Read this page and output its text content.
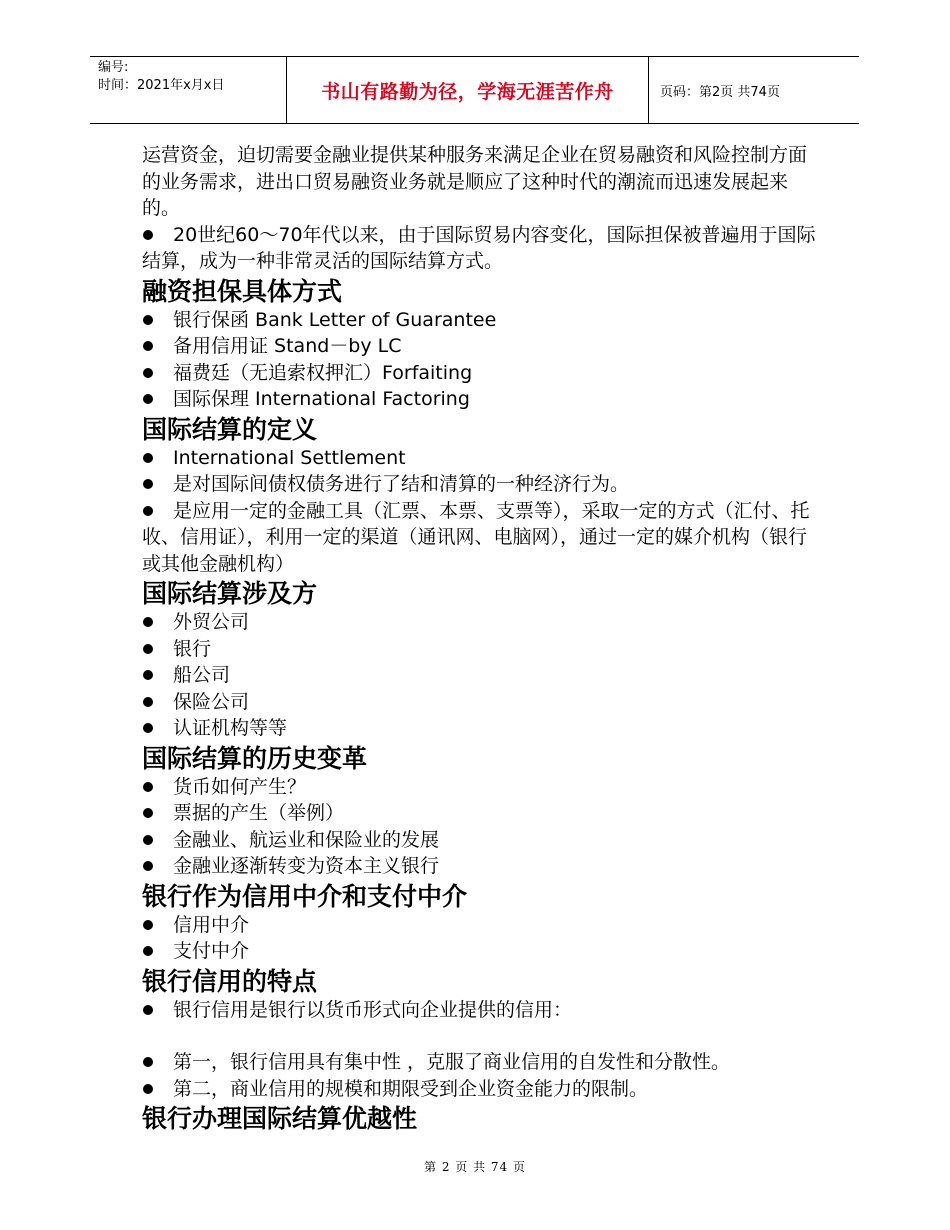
编号:
时间：2021年x月x日	书山有路勤为径，学海无涯苦作舟	页码：第2页 共74页

运营资金，迫切需要金融业提供某种服务来满足企业在贸易融资和风险控制方面的业务需求，进出口贸易融资业务就是顺应了这种时代的潮流而迅速发展起来的。

20世纪60～70年代以来，由于国际贸易内容变化，国际担保被普遍用于国际结算，成为一种非常灵活的国际结算方式。

融资担保具体方式

银行保函 Bank Letter of Guarantee

备用信用证 Stand－by LC

福费廷（无追索权押汇）Forfaiting

国际保理 International Factoring

国际结算的定义

International Settlement

是对国际间债权债务进行了结和清算的一种经济行为。

是应用一定的金融工具（汇票、本票、支票等），采取一定的方式（汇付、托收、信用证），利用一定的渠道（通讯网、电脑网），通过一定的媒介机构（银行或其他金融机构）

国际结算涉及方

外贸公司

银行

船公司

保险公司

认证机构等等

国际结算的历史变革

货币如何产生？

票据的产生（举例）

金融业、航运业和保险业的发展

金融业逐渐转变为资本主义银行

银行作为信用中介和支付中介

信用中介

支付中介

银行信用的特点

银行信用是银行以货币形式向企业提供的信用：

第一，银行信用具有集中性 ，克服了商业信用的自发性和分散性。

第二，商业信用的规模和期限受到企业资金能力的限制。

银行办理国际结算优越性
第 2 页 共 74 页
